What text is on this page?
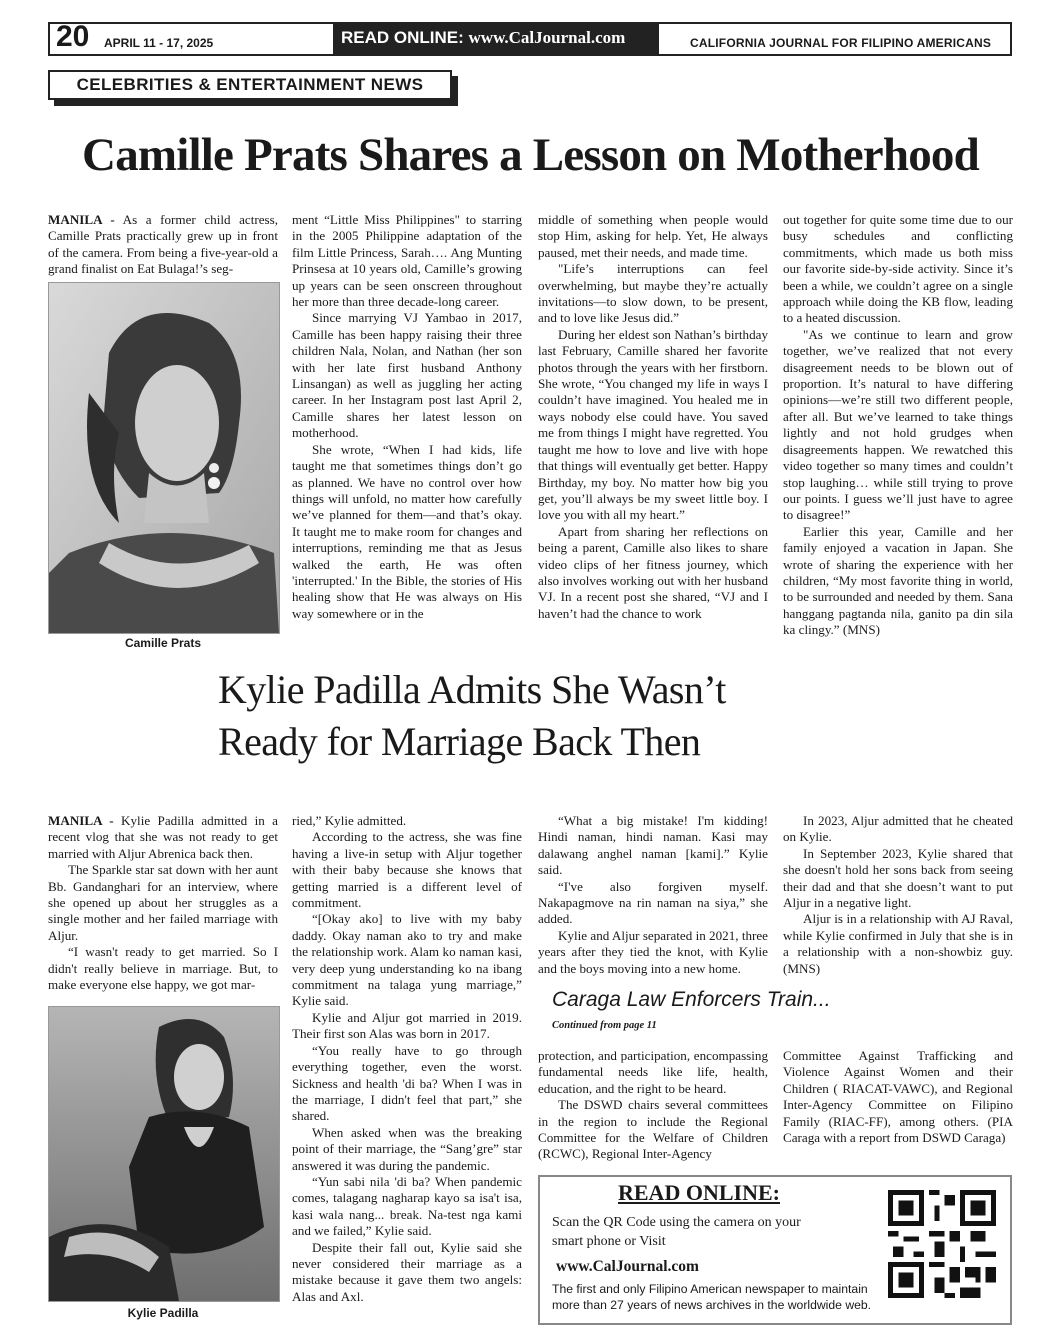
20 APRIL 11 - 17, 2025	READ ONLINE: www.CalJournal.com	CALIFORNIA JOURNAL FOR FILIPINO AMERICANS
CELEBRITIES & ENTERTAINMENT NEWS
Camille Prats Shares a Lesson on Motherhood

MANILA - As a former child actress, Camille Prats practically grew up in front of the camera. From being a five-year-old a grand finalist on Eat Bulaga!’s seg-

Camille Prats

ment “Little Miss Philippines" to starring in the 2005 Philippine adaptation of the film Little Princess, Sarah…. Ang Munting Prinsesa at 10 years old, Camille’s growing up years can be seen onscreen throughout her more than three decade-long career.

Since marrying VJ Yambao in 2017, Camille has been happy raising their three children Nala, Nolan, and Nathan (her son with her late first husband Anthony Linsangan) as well as juggling her acting career. In her Instagram post last April 2, Camille shares her latest lesson on motherhood.

She wrote, “When I had kids, life taught me that sometimes things don’t go as planned. We have no control over how things will unfold, no matter how carefully we’ve planned for them—and that’s okay. It taught me to make room for changes and interruptions, reminding me that as Jesus walked the earth, He was often 'interrupted.' In the Bible, the stories of His healing show that He was always on His way somewhere or in the

middle of something when people would stop Him, asking for help. Yet, He always paused, met their needs, and made time.

"Life’s interruptions can feel overwhelming, but maybe they’re actually invitations—to slow down, to be present, and to love like Jesus did.”

During her eldest son Nathan’s birthday last February, Camille shared her favorite photos through the years with her firstborn. She wrote, “You changed my life in ways I couldn’t have imagined. You healed me in ways nobody else could have. You saved me from things I might have regretted. You taught me how to love and live with hope that things will eventually get better. Happy Birthday, my boy. No matter how big you get, you’ll always be my sweet little boy. I love you with all my heart.”

Apart from sharing her reflections on being a parent, Camille also likes to share video clips of her fitness journey, which also involves working out with her husband VJ. In a recent post she shared, “VJ and I haven’t had the chance to work

out together for quite some time due to our busy schedules and conflicting commitments, which made us both miss our favorite side-by-side activity. Since it’s been a while, we couldn’t agree on a single approach while doing the KB flow, leading to a heated discussion.

"As we continue to learn and grow together, we’ve realized that not every disagreement needs to be blown out of proportion. It’s natural to have differing opinions—we’re still two different people, after all. But we’ve learned to take things lightly and not hold grudges when disagreements happen. We rewatched this video together so many times and couldn’t stop laughing… while still trying to prove our points. I guess we’ll just have to agree to disagree!”

Earlier this year, Camille and her family enjoyed a vacation in Japan. She wrote of sharing the experience with her children, “My most favorite thing in world, to be surrounded and needed by them. Sana hanggang pagtanda nila, ganito pa din sila ka clingy.” (MNS)

Kylie Padilla Admits She Wasn’t
Ready for Marriage Back Then

MANILA - Kylie Padilla admitted in a recent vlog that she was not ready to get married with Aljur Abrenica back then.

The Sparkle star sat down with her aunt Bb. Gandanghari for an interview, where she opened up about her struggles as a single mother and her failed marriage with Aljur.

“I wasn't ready to get married. So I didn't really believe in marriage. But, to make everyone else happy, we got mar-

Kylie Padilla

ried,” Kylie admitted.

According to the actress, she was fine having a live-in setup with Aljur together with their baby because she knows that getting married is a different level of commitment.

“[Okay ako] to live with my baby daddy. Okay naman ako to try and make the relationship work. Alam ko naman kasi, very deep yung understanding ko na ibang commitment na talaga yung marriage,” Kylie said.

Kylie and Aljur got married in 2019. Their first son Alas was born in 2017.

“You really have to go through everything together, even the worst. Sickness and health 'di ba? When I was in the marriage, I didn't feel that part,” she shared.

When asked when was the breaking point of their marriage, the “Sang’gre” star answered it was during the pandemic.

“Yun sabi nila 'di ba? When pandemic comes, talagang nagharap kayo sa isa't isa, kasi wala nang... break. Na-test nga kami and we failed,” Kylie said.

Despite their fall out, Kylie said she never considered their marriage as a mistake because it gave them two angels: Alas and Axl.

“What a big mistake! I'm kidding! Hindi naman, hindi naman. Kasi may dalawang anghel naman [kami].” Kylie said.

“I've also forgiven myself. Nakapagmove na rin naman na siya,” she added.

Kylie and Aljur separated in 2021, three years after they tied the knot, with Kylie and the boys moving into a new home.

In 2023, Aljur admitted that he cheated on Kylie.

In September 2023, Kylie shared that she doesn't hold her sons back from seeing their dad and that she doesn’t want to put Aljur in a negative light.

Aljur is in a relationship with AJ Raval, while Kylie confirmed in July that she is in a relationship with a non-showbiz guy. (MNS)

Caraga Law Enforcers Train...
Continued from page 11

protection, and participation, encompassing fundamental needs like life, health, education, and the right to be heard.

The DSWD chairs several committees in the region to include the Regional Committee for the Welfare of Children (RCWC), Regional Inter-Agency

Committee Against Trafficking and Violence Against Women and their Children ( RIACAT-VAWC), and Regional Inter-Agency Committee on Filipino Family (RIAC-FF), among others. (PIA Caraga with a report from DSWD Caraga)

READ ONLINE:
Scan the QR Code using the camera on your smart phone or Visit
www.CalJournal.com
The first and only Filipino American newspaper to maintain more than 27 years of news archives in the worldwide web.
